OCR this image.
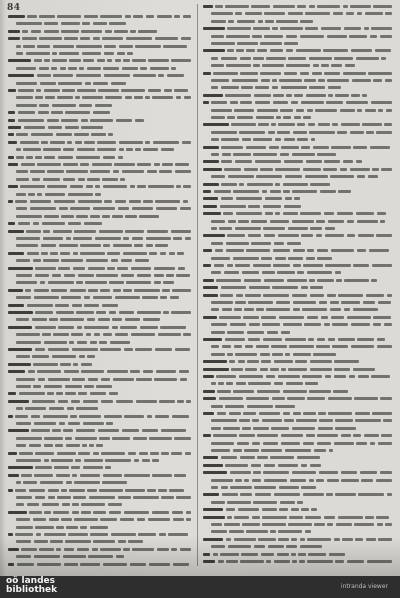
84
oö landes
bibliothek	intranda viewer
